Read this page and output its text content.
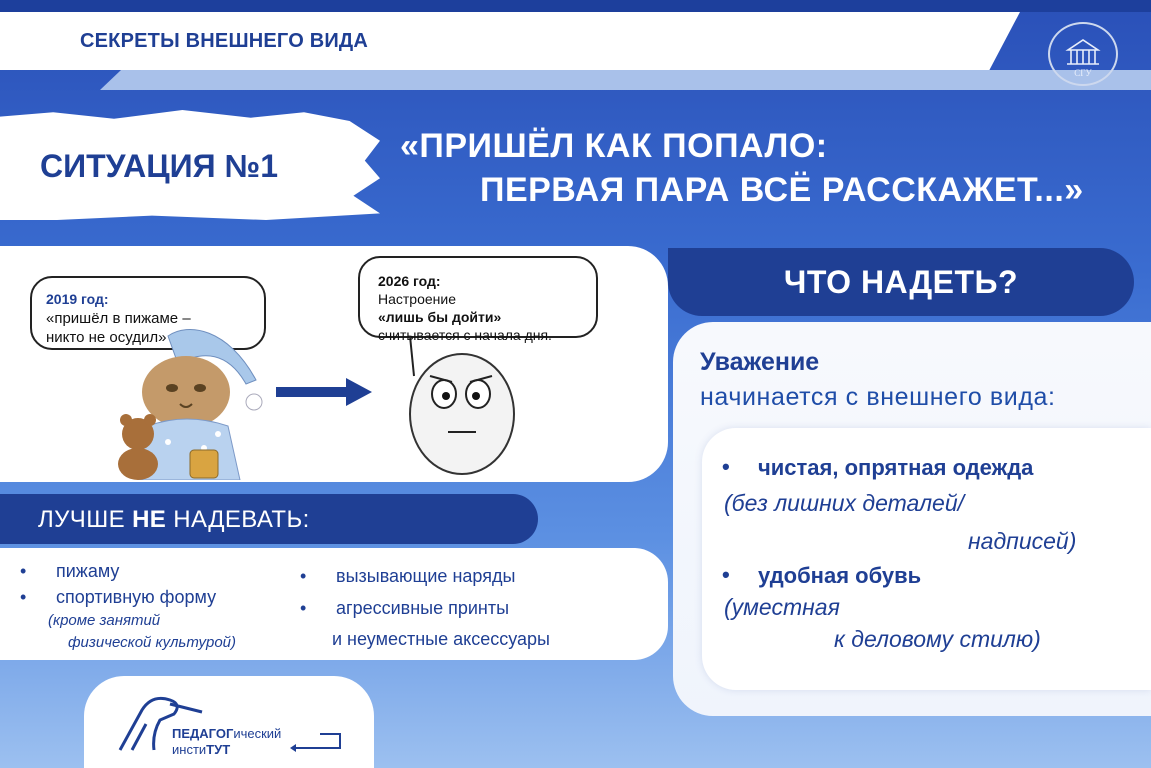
СЕКРЕТЫ ВНЕШНЕГО ВИДА
СГУ
СИТУАЦИЯ №1
«ПРИШЁЛ КАК ПОПАЛО:
ПЕРВАЯ ПАРА ВСЁ РАССКАЖЕТ...»
2019 год:
«пришёл в пижаме –
никто не осудил»
2026 год:
Настроение
«лишь бы дойти»
считывается с начала дня.
ЧТО НАДЕТЬ?
Уважение
начинается с внешнего вида:
• чистая, опрятная одежда
(без лишних деталей/
надписей)
• удобная обувь
(уместная
к деловому стилю)
ЛУЧШЕ НЕ НАДЕВАТЬ:
• пижаму
• спортивную форму
(кроме занятий
физической культурой)
• вызывающие наряды
• агрессивные принты
и неуместные аксессуары
ПЕДАГОГический
инстиТУТ
